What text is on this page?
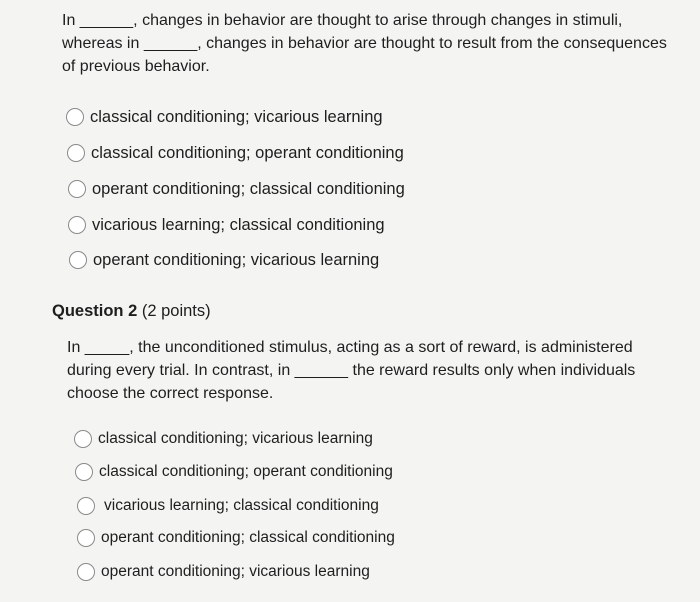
In ______, changes in behavior are thought to arise through changes in stimuli,
whereas in ______, changes in behavior are thought to result from the consequences
of previous behavior.
classical conditioning; vicarious learning
classical conditioning; operant conditioning
operant conditioning; classical conditioning
vicarious learning; classical conditioning
operant conditioning; vicarious learning
Question 2 (2 points)
In _____, the unconditioned stimulus, acting as a sort of reward, is administered
during every trial. In contrast, in ______ the reward results only when individuals
choose the correct response.
classical conditioning; vicarious learning
classical conditioning; operant conditioning
vicarious learning; classical conditioning
operant conditioning; classical conditioning
operant conditioning; vicarious learning
